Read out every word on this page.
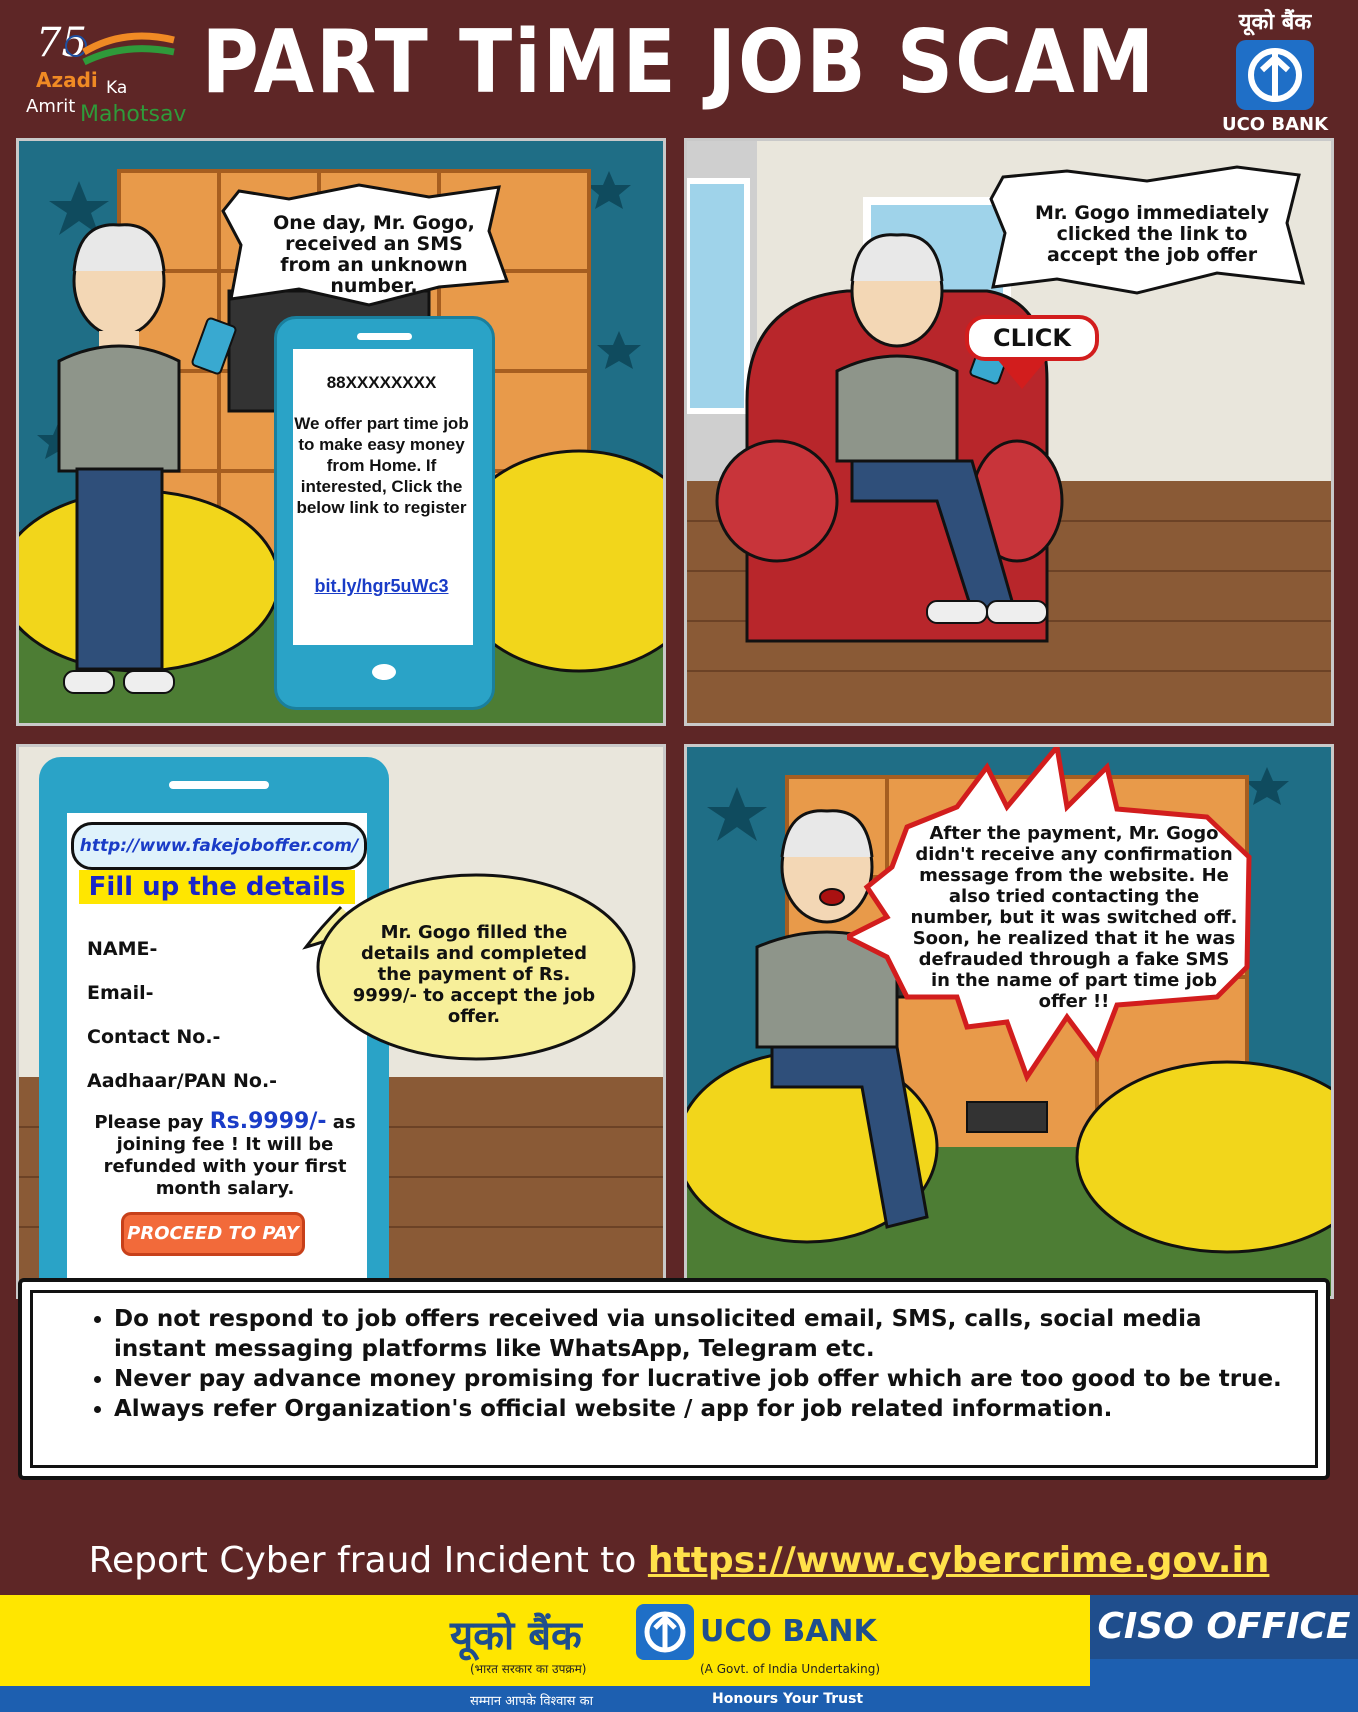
75
Azadi Ka
Amrit Mahotsav
PART TiME JOB SCAM	यूको बैंक
UCO BANK
One day, Mr. Gogo, received an SMS from an unknown number.
88XXXXXXXX
We offer part time job to make easy money from Home. If interested, Click the below link to register
bit.ly/hgr5uWc3
Mr. Gogo immediately clicked the link to accept the job offer
CLICK
http://www.fakejoboffer.com/
Fill up the details
NAME-
Email-
Contact No.-
Aadhaar/PAN No.-
Please pay Rs.9999/- as joining fee ! It will be refunded with your first month salary.
PROCEED TO PAY
Mr. Gogo filled the details and completed the payment of Rs. 9999/- to accept the job offer.
After the payment, Mr. Gogo didn't receive any confirmation message from the website. He also tried contacting the number, but it was switched off. Soon, he realized that it he was defrauded through a fake SMS in the name of part time job offer !!
• Do not respond to job offers received via unsolicited email, SMS, calls, social media instant messaging platforms like WhatsApp, Telegram etc.
• Never pay advance money promising for lucrative job offer which are too good to be true.
• Always refer Organization's official website / app for job related information.
Report Cyber fraud Incident to https://www.cybercrime.gov.in
CISO OFFICE
यूको बैंक
(भारत सरकार का उपक्रम)
UCO BANK
(A Govt. of India Undertaking)
सम्मान आपके विश्वास का	Honours Your Trust
